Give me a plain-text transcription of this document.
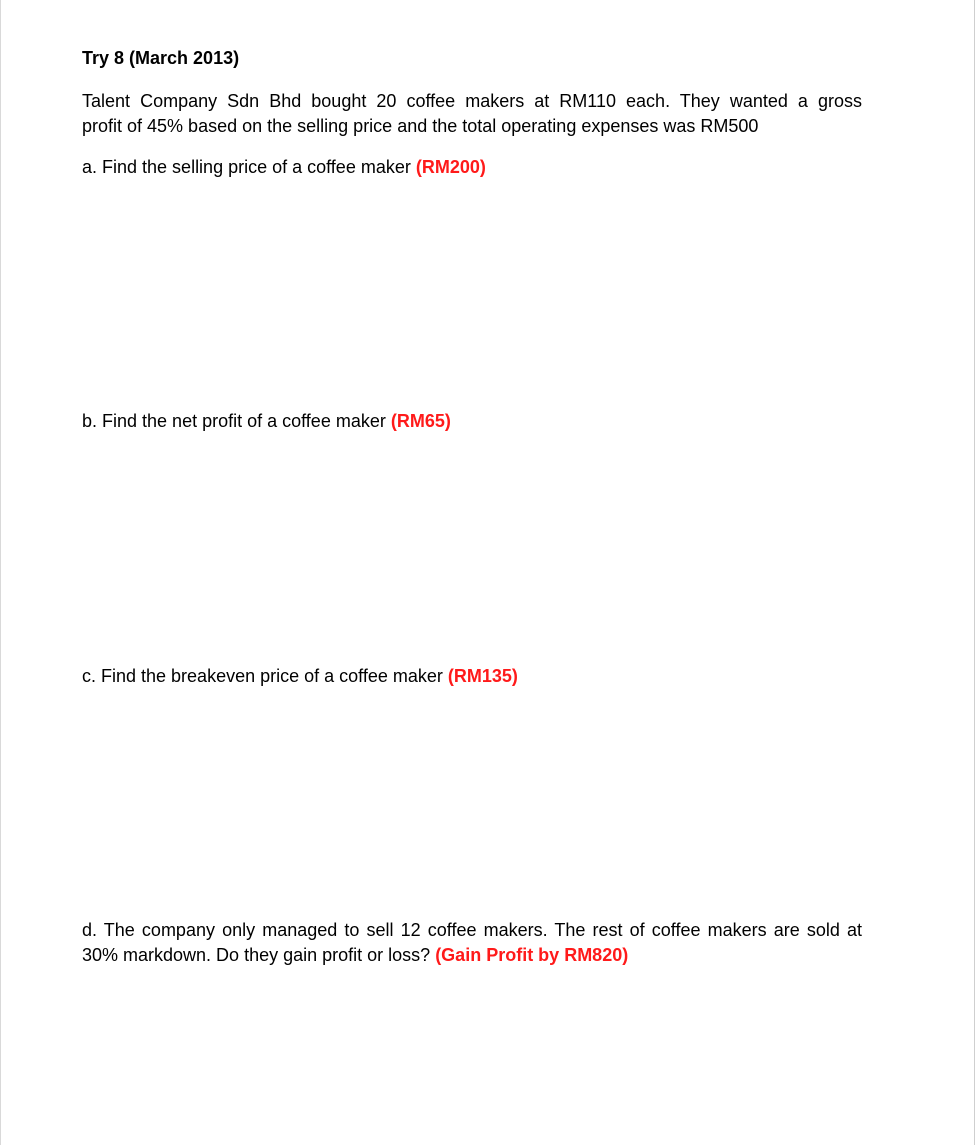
Try 8 (March 2013)
Talent Company Sdn Bhd bought 20 coffee makers at RM110 each. They wanted a gross
profit of 45% based on the selling price and the total operating expenses was RM500
a. Find the selling price of a coffee maker (RM200)
b. Find the net profit of a coffee maker (RM65)
c. Find the breakeven price of a coffee maker (RM135)
d. The company only managed to sell 12 coffee makers. The rest of coffee makers are sold at
30% markdown. Do they gain profit or loss? (Gain Profit by RM820)
